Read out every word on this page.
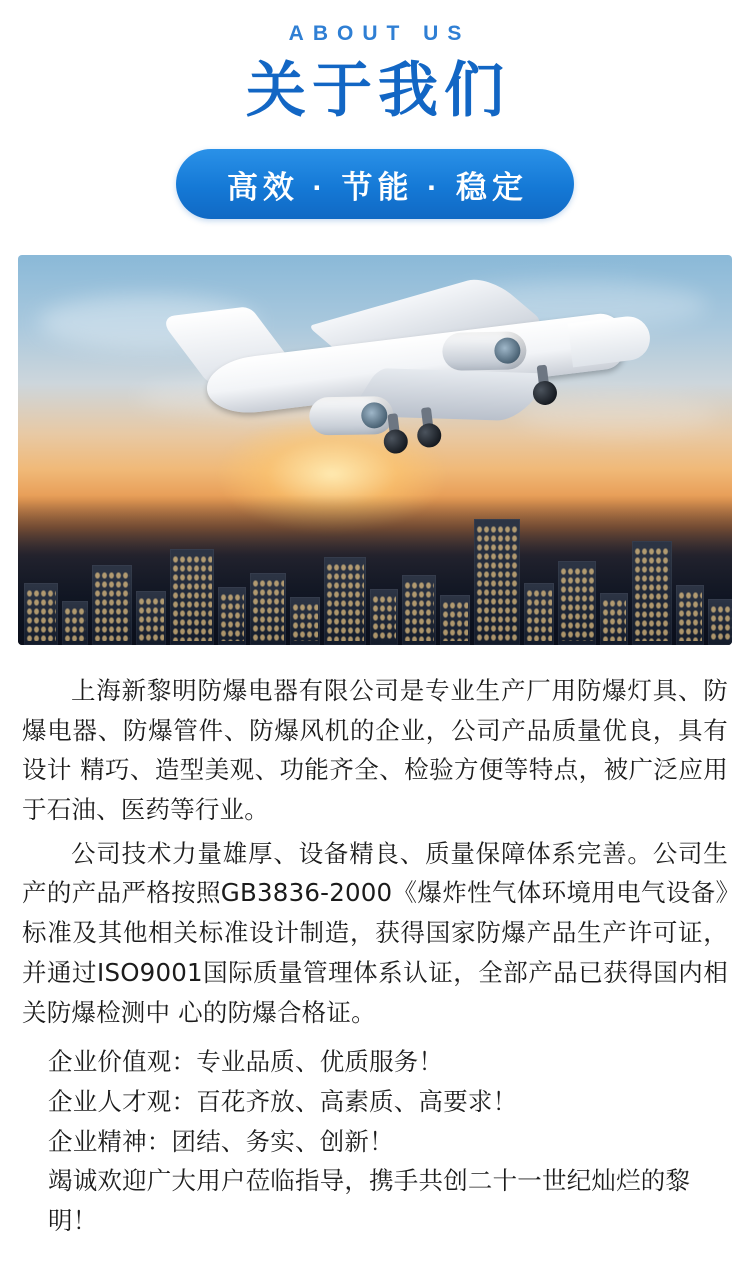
ABOUT US
关于我们
高效 · 节能 · 稳定

上海新黎明防爆电器有限公司是专业生产厂用防爆灯具、防爆电器、防爆管件、防爆风机的企业，公司产品质量优良，具有设计 精巧、造型美观、功能齐全、检验方便等特点，被广泛应用于石油、医药等行业。

公司技术力量雄厚、设备精良、质量保障体系完善。公司生产的产品严格按照GB3836-2000《爆炸性气体环境用电气设备》标准及其他相关标准设计制造，获得国家防爆产品生产许可证，并通过ISO9001国际质量管理体系认证，全部产品已获得国内相关防爆检测中 心的防爆合格证。

企业价值观：专业品质、优质服务！
企业人才观：百花齐放、高素质、高要求！
企业精神：团结、务实、创新！
竭诚欢迎广大用户莅临指导，携手共创二十一世纪灿烂的黎明！
